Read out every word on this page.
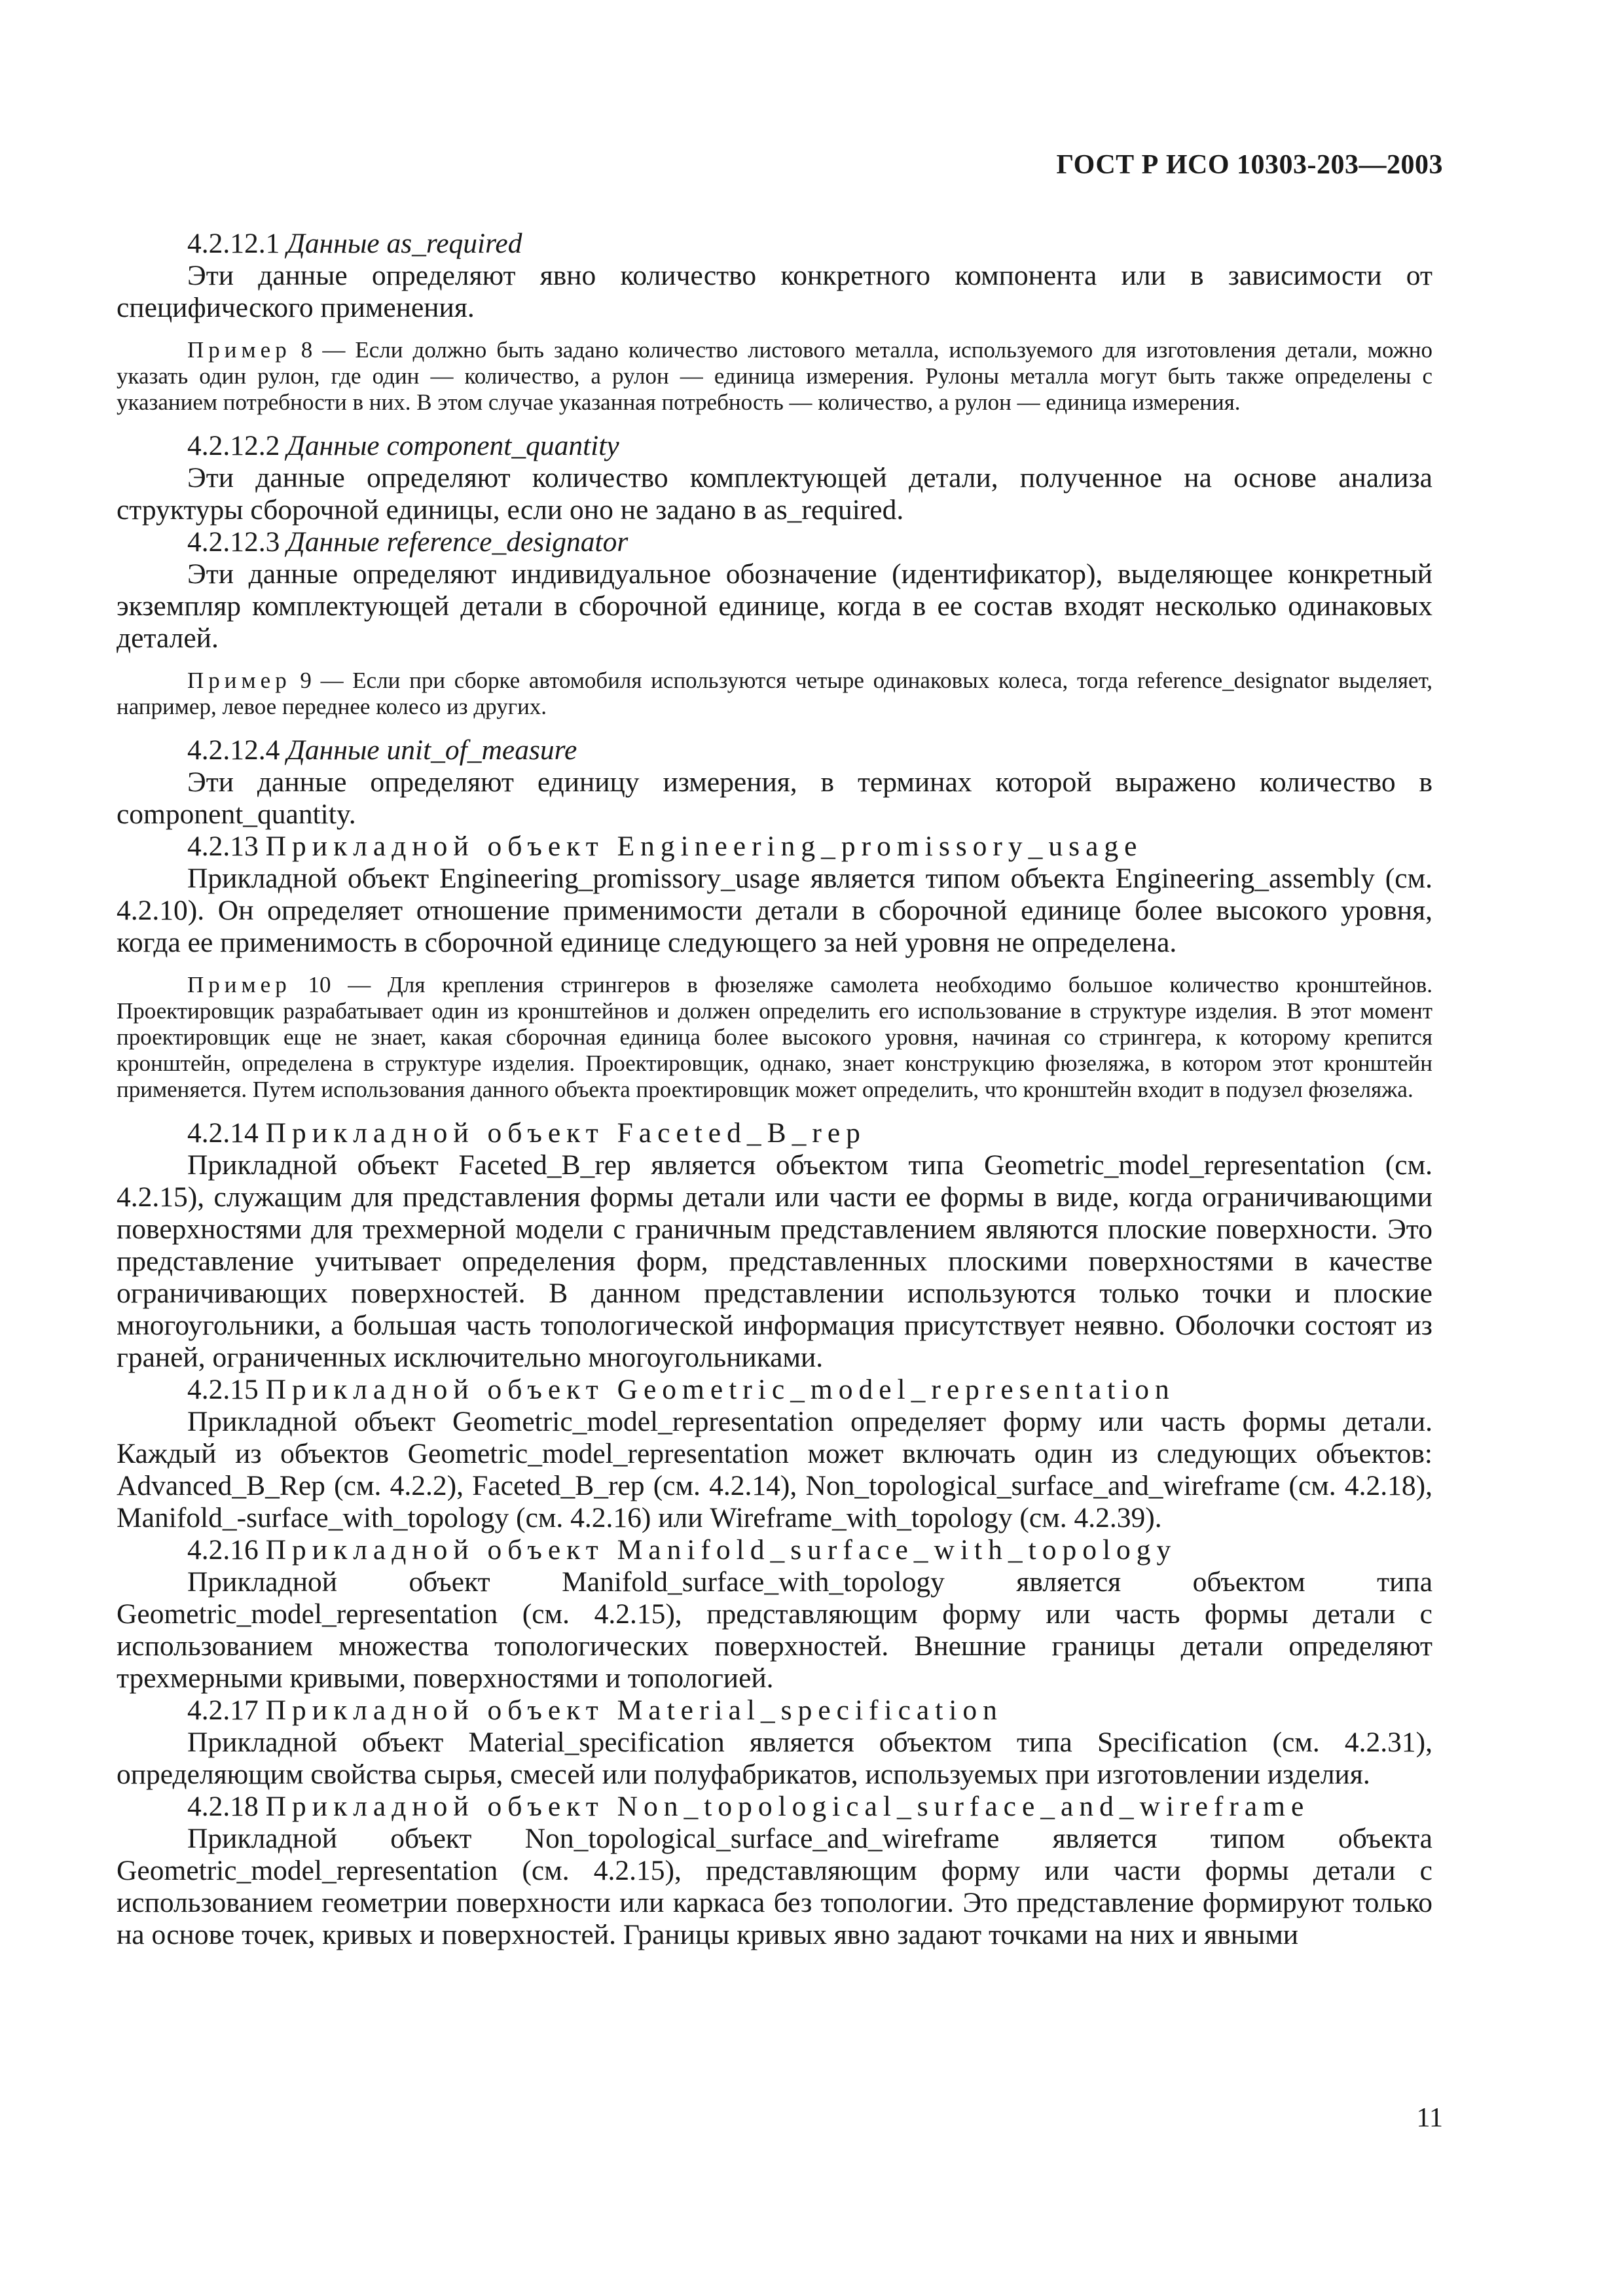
ГОСТ Р ИСО 10303-203—2003

4.2.12.1 Данные as_required

Эти данные определяют явно количество конкретного компонента или в зависимости от специфического применения.

Пример 8 — Если должно быть задано количество листового металла, используемого для изготовления детали, можно указать один рулон, где один — количество, а рулон — единица измерения. Рулоны металла могут быть также определены с указанием потребности в них. В этом случае указанная потребность — количество, а рулон — единица измерения.

4.2.12.2 Данные component_quantity

Эти данные определяют количество комплектующей детали, полученное на основе анализа структуры сборочной единицы, если оно не задано в as_required.

4.2.12.3 Данные reference_designator

Эти данные определяют индивидуальное обозначение (идентификатор), выделяющее конкретный экземпляр комплектующей детали в сборочной единице, когда в ее состав входят несколько одинаковых деталей.

Пример 9 — Если при сборке автомобиля используются четыре одинаковых колеса, тогда reference_designator выделяет, например, левое переднее колесо из других.

4.2.12.4 Данные unit_of_measure

Эти данные определяют единицу измерения, в терминах которой выражено количество в component_quantity.

4.2.13 Прикладной объект Engineering_promissory_usage

Прикладной объект Engineering_promissory_usage является типом объекта Engineering_assembly (см. 4.2.10). Он определяет отношение применимости детали в сборочной единице более высокого уровня, когда ее применимость в сборочной единице следующего за ней уровня не определена.

Пример 10 — Для крепления стрингеров в фюзеляже самолета необходимо большое количество кронштейнов. Проектировщик разрабатывает один из кронштейнов и должен определить его использование в структуре изделия. В этот момент проектировщик еще не знает, какая сборочная единица более высокого уровня, начиная со стрингера, к которому крепится кронштейн, определена в структуре изделия. Проектировщик, однако, знает конструкцию фюзеляжа, в котором этот кронштейн применяется. Путем использования данного объекта проектировщик может определить, что кронштейн входит в подузел фюзеляжа.

4.2.14 Прикладной объект Faceted_B_rep

Прикладной объект Faceted_B_rep является объектом типа Geometric_model_representation (см. 4.2.15), служащим для представления формы детали или части ее формы в виде, когда ограничивающими поверхностями для трехмерной модели с граничным представлением являются плоские поверхности. Это представление учитывает определения форм, представленных плоскими поверхностями в качестве ограничивающих поверхностей. В данном представлении используются только точки и плоские многоугольники, а большая часть топологической информация присутствует неявно. Оболочки состоят из граней, ограниченных исключительно многоугольниками.

4.2.15 Прикладной объект Geometric_model_representation

Прикладной объект Geometric_model_representation определяет форму или часть формы детали. Каждый из объектов Geometric_model_representation может включать один из следующих объектов: Advanced_B_Rep (см. 4.2.2), Faceted_B_rep (см. 4.2.14), Non_topological_surface_and_wireframe (см. 4.2.18), Manifold_-surface_with_topology (см. 4.2.16) или Wireframe_with_topology (см. 4.2.39).

4.2.16 Прикладной объект Manifold_surface_with_topology

Прикладной объект Manifold_surface_with_topology является объектом типа Geometric_model_representation (см. 4.2.15), представляющим форму или часть формы детали с использованием множества топологических поверхностей. Внешние границы детали определяют трехмерными кривыми, поверхностями и топологией.

4.2.17 Прикладной объект Material_specification

Прикладной объект Material_specification является объектом типа Specification (см. 4.2.31), определяющим свойства сырья, смесей или полуфабрикатов, используемых при изготовлении изделия.

4.2.18 Прикладной объект Non_topological_surface_and_wireframe

Прикладной объект Non_topological_surface_and_wireframe является типом объекта Geometric_model_representation (см. 4.2.15), представляющим форму или части формы детали с использованием геометрии поверхности или каркаса без топологии. Это представление формируют только на основе точек, кривых и поверхностей. Границы кривых явно задают точками на них и явными

11
